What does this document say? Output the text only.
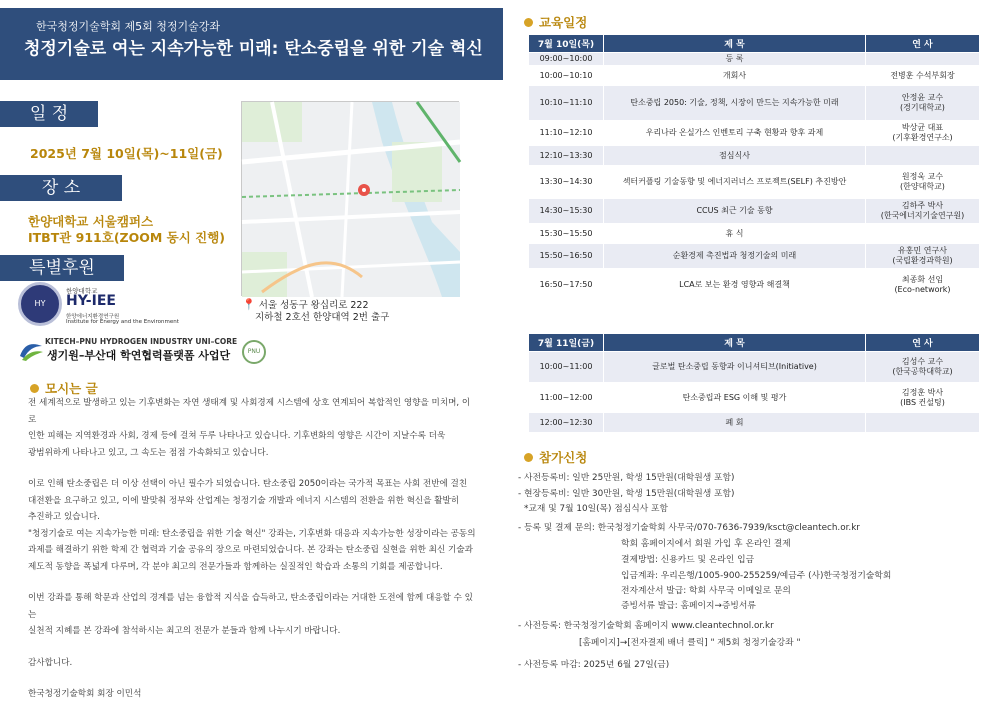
한국청정기술학회 제5회 청정기술강좌
청정기술로 여는 지속가능한 미래: 탄소중립을 위한 기술 혁신
일 정
2025년 7월 10일(목)~11일(금)
장 소
한양대학교 서울캠퍼스
ITBT관 911호(ZOOM 동시 진행)
특별후원
📍 서울 성동구 왕십리로 222
지하철 2호선 한양대역 2번 출구
HY
한양대학교
HY-IEE
한양에너지환경연구원
Institute for Energy and the Environment
KITECH–PNU HYDROGEN INDUSTRY UNI–CORE
생기원–부산대 학연협력플랫폼 사업단	PNU
모시는 글

전 세계적으로 발생하고 있는 기후변화는 자연 생태계 및 사회경제 시스템에 상호 연계되어 복합적인 영향을 미치며, 이로

인한 피해는 지역환경과 사회, 경제 등에 걸쳐 두루 나타나고 있습니다. 기후변화의 영향은 시간이 지날수록 더욱

광범위하게 나타나고 있고, 그 속도는 점점 가속화되고 있습니다.

이로 인해 탄소중립은 더 이상 선택이 아닌 필수가 되었습니다. 탄소중립 2050이라는 국가적 목표는 사회 전반에 걸친

대전환을 요구하고 있고, 이에 발맞춰 정부와 산업계는 청정기술 개발과 에너지 시스템의 전환을 위한 혁신을 활발히

추진하고 있습니다.

"청정기술로 여는 지속가능한 미래: 탄소중립을 위한 기술 혁신" 강좌는, 기후변화 대응과 지속가능한 성장이라는 공동의

과제를 해결하기 위한 학제 간 협력과 기술 공유의 장으로 마련되었습니다. 본 강좌는 탄소중립 실현을 위한 최신 기술과

제도적 동향을 폭넓게 다루며, 각 분야 최고의 전문가들과 함께하는 실질적인 학습과 소통의 기회를 제공합니다.

이번 강좌를 통해 학문과 산업의 경계를 넘는 융합적 지식을 습득하고, 탄소중립이라는 거대한 도전에 함께 대응할 수 있는

실천적 지혜를 본 강좌에 참석하시는 최고의 전문가 분들과 함께 나누시기 바랍니다.

감사합니다.

한국청정기술학회 회장 이민석

교육일정
7월 10일(목)	제 목	연 사
09:00~10:00	등 록	
10:00~10:10	개회사	전병훈 수석부회장
10:10~11:10	탄소중립 2050: 기술, 정책, 시장이 만드는 지속가능한 미래	안정윤 교수
(경기대학교)
11:10~12:10	우리나라 온실가스 인벤토리 구축 현황과 향후 과제	박상균 대표
(기후환경연구소)
12:10~13:30	점심식사	
13:30~14:30	섹터커플링 기술동향 및 에너지러너스 프로젝트(SELF) 추진방안	원정욱 교수
(한양대학교)
14:30~15:30	CCUS 최근 기술 동향	김하주 박사
(한국에너지기술연구원)
15:30~15:50	휴 식	
15:50~16:50	순환경제 촉진법과 청정기술의 미래	유홍민 연구사
(국립환경과학원)
16:50~17:50	LCA로 보는 환경 영향과 해결책	최종화 선임
(Eco-network)
7월 11일(금)	제 목	연 사
10:00~11:00	글로벌 탄소중립 동향과 이니셔티브(Initiative)	김성수 교수
(한국공학대학교)
11:00~12:00	탄소중립과 ESG 이해 및 평가	김정훈 박사
(IBS 컨설팅)
12:00~12:30	폐 회	
참가신청
- 사전등록비: 일반 25만원, 학생 15만원(대학원생 포함)
- 현장등록비: 일반 30만원, 학생 15만원(대학원생 포함)
*교재 및 7월 10일(목) 점심식사 포함
- 등록 및 결제 문의: 한국청정기술학회 사무국/070-7636-7939/ksct@cleantech.or.kr
학회 홈페이지에서 회원 가입 후 온라인 결제
결제방법: 신용카드 및 온라인 입금
입금계좌: 우리은행/1005-900-255259/예금주 (사)한국청정기술학회
전자계산서 발급: 학회 사무국 이메일로 문의
증빙서류 발급: 홈페이지→증빙서류
- 사전등록: 한국청정기술학회 홈페이지 www.cleantechnol.or.kr
[홈페이지]→[전자결제 배너 클릭] " 제5회 청정기술강좌 "
- 사전등록 마감: 2025년 6월 27일(금)
